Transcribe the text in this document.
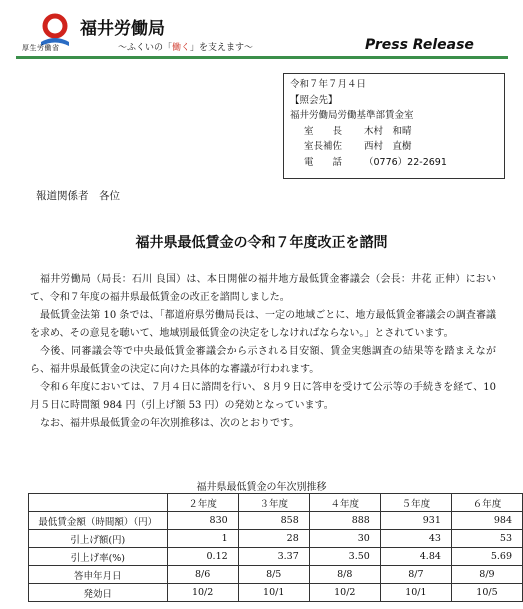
厚生労働省
福井労働局
～ふくいの「働く」を支えます～	Press Release
令和７年７月４日
【照会先】
福井労働局労働基準部賃金室
室　　長	木村　和晴
室長補佐	西村　直樹
電　　話	（0776）22-2691
報道関係者　各位
福井県最低賃金の令和７年度改正を諮問

福井労働局（局長：石川 良国）は、本日開催の福井地方最低賃金審議会（会長：井花 正伸）において、令和７年度の福井県最低賃金の改正を諮問しました。

最低賃金法第 10 条では、「都道府県労働局長は、一定の地域ごとに、地方最低賃金審議会の調査審議を求め、その意見を聴いて、地域別最低賃金の決定をしなければならない。」とされています。

今後、同審議会等で中央最低賃金審議会から示される目安額、賃金実態調査の結果等を踏まえながら、福井県最低賃金の決定に向けた具体的な審議が行われます。

令和６年度においては、７月４日に諮問を行い、８月９日に答申を受けて公示等の手続きを経て、10 月５日に時間額 984 円（引上げ額 53 円）の発効となっています。

なお、福井県最低賃金の年次別推移は、次のとおりです。

福井県最低賃金の年次別推移
	２年度	３年度	４年度	５年度	６年度
最低賃金額（時間額）（円）	830	858	888	931	984
引上げ額(円)	1	28	30	43	53
引上げ率(%)	0.12	3.37	3.50	4.84	5.69
答申年月日	8/6	8/5	8/8	8/7	8/9
発効日	10/2	10/1	10/2	10/1	10/5
